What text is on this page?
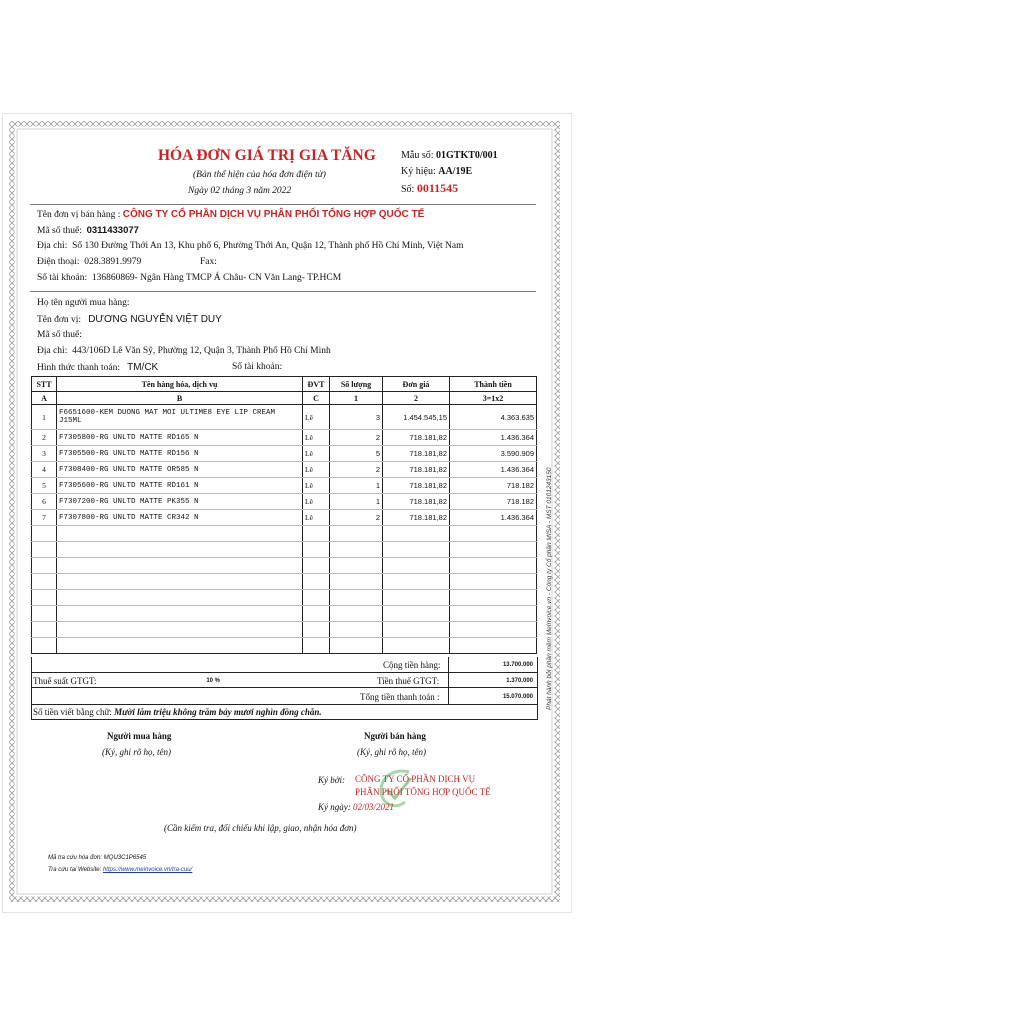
HÓA ĐƠN GIÁ TRỊ GIA TĂNG
(Bản thể hiện của hóa đơn điện tử)
Ngày 02 tháng 3 năm 2022
Mẫu số: 01GTKT0/001
Ký hiệu: AA/19E
Số: 0011545
Tên đơn vị bán hàng : CÔNG TY CỔ PHẦN DỊCH VỤ PHÂN PHỐI TỔNG HỢP QUỐC TẾ
Mã số thuế: 0311433077
Địa chỉ: Số 130 Đường Thới An 13, Khu phố 6, Phường Thới An, Quận 12, Thành phố Hồ Chí Minh, Việt Nam
Điện thoại: 028.3891.9979	Fax:
Số tài khoản: 136860869- Ngân Hàng TMCP Á Châu- CN Văn Lang- TP.HCM
Họ tên người mua hàng:
Tên đơn vị: DƯƠNG NGUYỄN VIỆT DUY
Mã số thuế:
Địa chỉ: 443/106D Lê Văn Sỹ, Phường 12, Quận 3, Thành Phố Hồ Chí Minh
Hình thức thanh toán: TM/CK	Số tài khoản:
STT	Tên hàng hóa, dịch vụ	ĐVT	Số lượng	Đơn giá	Thành tiền
A	B	C	1	2	3=1x2
1	F6651600-KEM DUONG MAT MOI ULTIME8 EYE LIP CREAM J15ML	Lê	3	1.454.545,15	4.363.635
2	F7305800-RG UNLTD MATTE RD165 N	Lê	2	718.181,82	1.436.364
3	F7305500-RG UNLTD MATTE RD156 N	Lê	5	718.181,82	3.590.909
4	F7308400-RG UNLTD MATTE OR585 N	Lê	2	718.181,82	1.436.364
5	F7305600-RG UNLTD MATTE RD161 N	Lê	1	718.181,82	718.182
6	F7307200-RG UNLTD MATTE PK355 N	Lê	1	718.181,82	718.182
7	F7307800-RG UNLTD MATTE CR342 N	Lê	2	718.181,82	1.436.364

Cộng tiền hàng:	13.700.000
Thuế suất GTGT:	10 %	Tiền thuế GTGT:	1.370.000
Tổng tiền thanh toán :	15.070.000
Số tiền viết bằng chữ: Mười lăm triệu không trăm bảy mươi nghìn đồng chẵn.
Người mua hàng
(Ký, ghi rõ họ, tên)
Người bán hàng
(Ký, ghi rõ họ, tên)
Ký bởi: CÔNG TY CỔ PHẦN DỊCH VỤ
PHÂN PHỐI TỔNG HỢP QUỐC TẾ
Ký ngày: 02/03/2021
(Cần kiểm tra, đối chiếu khi lập, giao, nhận hóa đơn)
Mã tra cứu hóa đơn: MQU3C1P6545
Tra cứu tại Website: https://www.meinvoice.vn/tra-cuu/
Phát hành bởi phần mềm MeInvoice.vn - Công ty Cổ phần MISA - MST 0101243150
